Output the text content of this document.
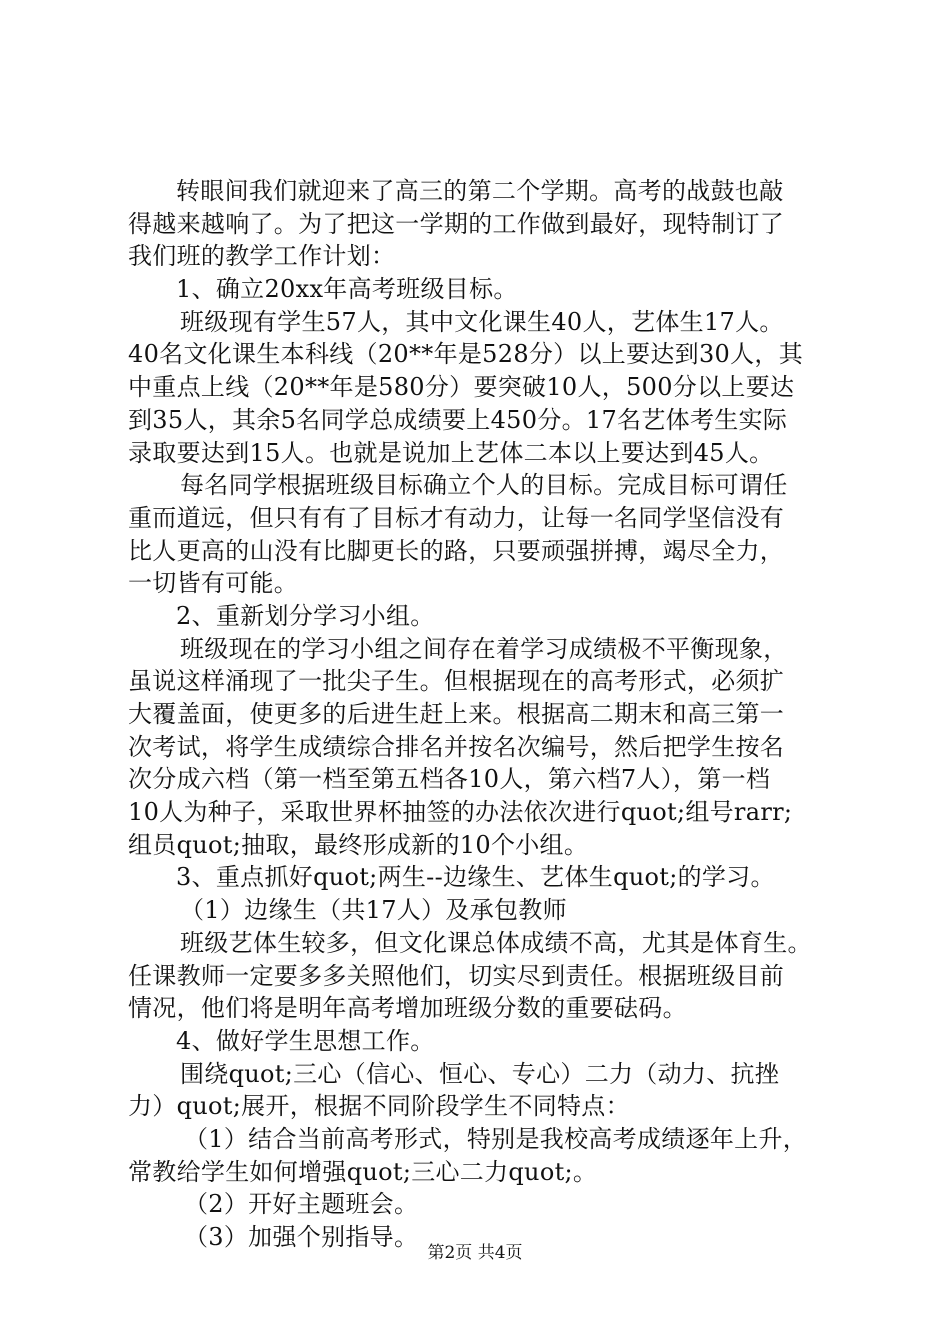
转眼间我们就迎来了高三的第二个学期。高考的战鼓也敲
得越来越响了。为了把这一学期的工作做到最好，现特制订了
我们班的教学工作计划：
1、确立20xx年高考班级目标。
班级现有学生57人，其中文化课生40人，艺体生17人。
40名文化课生本科线（20**年是528分）以上要达到30人，其
中重点上线（20**年是580分）要突破10人，500分以上要达
到35人，其余5名同学总成绩要上450分。17名艺体考生实际
录取要达到15人。也就是说加上艺体二本以上要达到45人。
每名同学根据班级目标确立个人的目标。完成目标可谓任
重而道远，但只有有了目标才有动力，让每一名同学坚信没有
比人更高的山没有比脚更长的路，只要顽强拼搏，竭尽全力，
一切皆有可能。
2、重新划分学习小组。
班级现在的学习小组之间存在着学习成绩极不平衡现象，
虽说这样涌现了一批尖子生。但根据现在的高考形式，必须扩
大覆盖面，使更多的后进生赶上来。根据高二期末和高三第一
次考试，将学生成绩综合排名并按名次编号，然后把学生按名
次分成六档（第一档至第五档各10人，第六档7人），第一档
10人为种子，采取世界杯抽签的办法依次进行quot;组号rarr;
组员quot;抽取，最终形成新的10个小组。
3、重点抓好quot;两生--边缘生、艺体生quot;的学习。
（1）边缘生（共17人）及承包教师
班级艺体生较多，但文化课总体成绩不高，尤其是体育生。
任课教师一定要多多关照他们，切实尽到责任。根据班级目前
情况，他们将是明年高考增加班级分数的重要砝码。
4、做好学生思想工作。
围绕quot;三心（信心、恒心、专心）二力（动力、抗挫
力）quot;展开，根据不同阶段学生不同特点：
（1）结合当前高考形式，特别是我校高考成绩逐年上升，
常教给学生如何增强quot;三心二力quot;。
（2）开好主题班会。
（3）加强个别指导。
第2页 共4页
